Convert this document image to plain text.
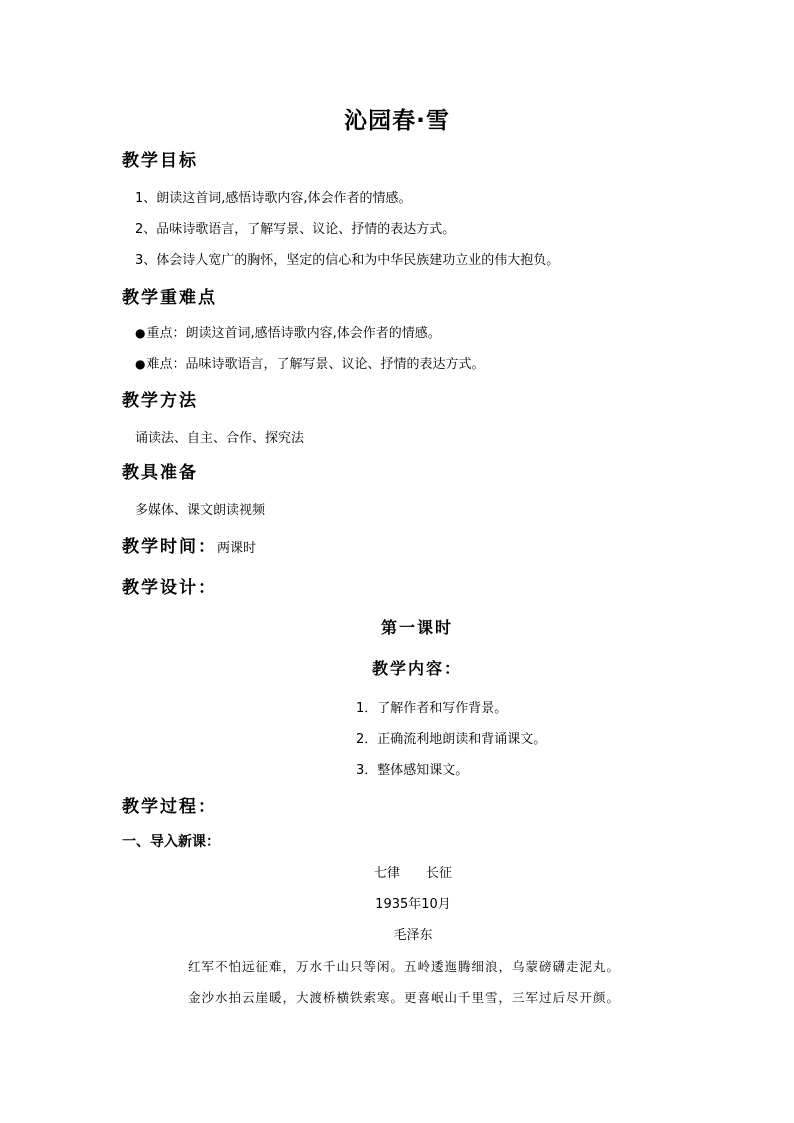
沁园春·雪
教学目标
1、朗读这首词,感悟诗歌内容,体会作者的情感。
2、品味诗歌语言，了解写景、议论、抒情的表达方式。
3、体会诗人宽广的胸怀，坚定的信心和为中华民族建功立业的伟大抱负。
教学重难点
●重点：朗读这首词,感悟诗歌内容,体会作者的情感。
●难点：品味诗歌语言，了解写景、议论、抒情的表达方式。
教学方法
诵读法、自主、合作、探究法
教具准备
多媒体、课文朗读视频
教学时间：两课时
教学设计：
第一课时
教学内容：
1．了解作者和写作背景。
2．正确流利地朗读和背诵课文。
3．整体感知课文。
教学过程：
一、导入新课：
七律　　长征
1935年10月
毛泽东
红军不怕远征难，万水千山只等闲。五岭逶迤腾细浪，乌蒙磅礴走泥丸。
金沙水拍云崖暖，大渡桥横铁索寒。更喜岷山千里雪，三军过后尽开颜。
